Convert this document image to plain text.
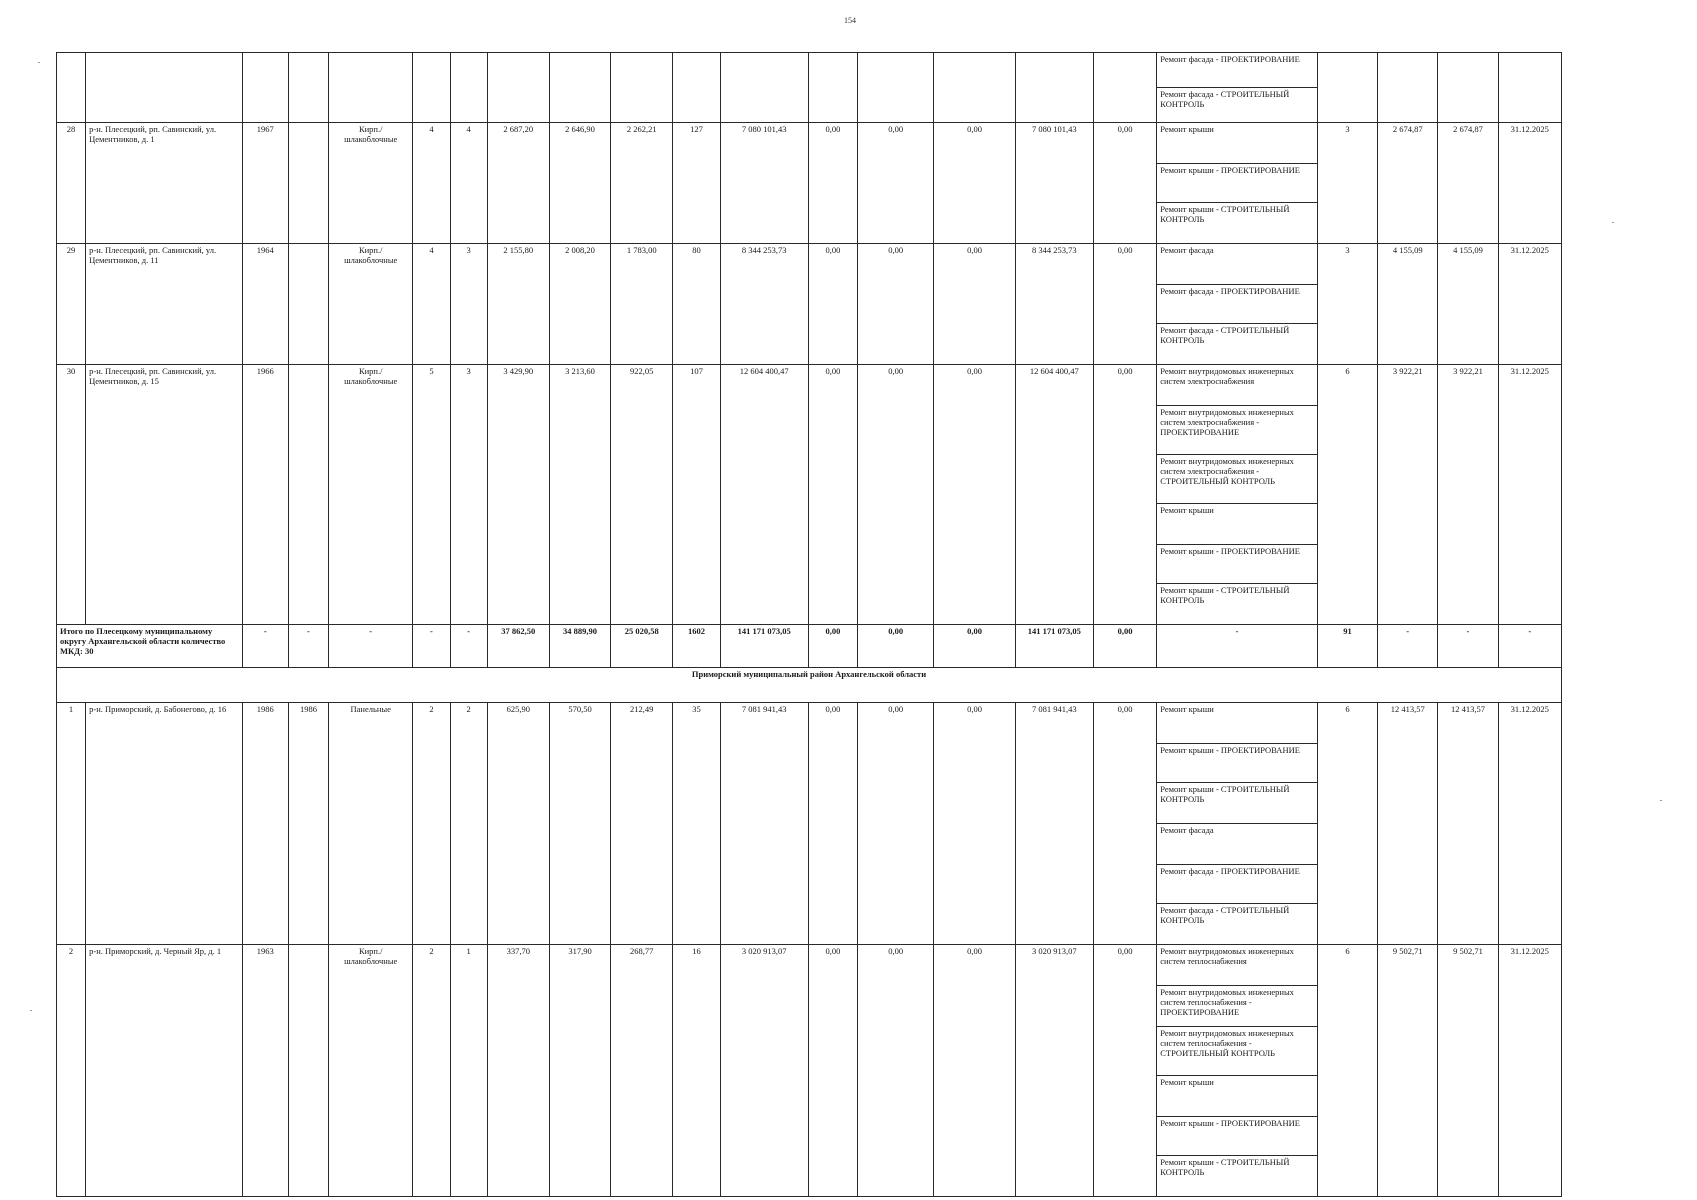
154
																	Ремонт фасада - ПРОЕКТИРОВАНИЕ				
																	Ремонт фасада - СТРОИТЕЛЬНЫЙ КОНТРОЛЬ				
28	р-н. Плесецкий, рп. Савинский, ул. Цементников, д. 1	1967		Кирп./ шлакоблочные	4	4	2 687,20	2 646,90	2 262,21	127	7 080 101,43	0,00	0,00	0,00	7 080 101,43	0,00	Ремонт крыши	3	2 674,87	2 674,87	31.12.2025
																	Ремонт крыши - ПРОЕКТИРОВАНИЕ				
																	Ремонт крыши - СТРОИТЕЛЬНЫЙ КОНТРОЛЬ				
29	р-н. Плесецкий, рп. Савинский, ул. Цементников, д. 11	1964		Кирп./ шлакоблочные	4	3	2 155,80	2 008,20	1 783,00	80	8 344 253,73	0,00	0,00	0,00	8 344 253,73	0,00	Ремонт фасада	3	4 155,09	4 155,09	31.12.2025
																	Ремонт фасада - ПРОЕКТИРОВАНИЕ				
																	Ремонт фасада - СТРОИТЕЛЬНЫЙ КОНТРОЛЬ				
30	р-н. Плесецкий, рп. Савинский, ул. Цементников, д. 15	1966		Кирп./ шлакоблочные	5	3	3 429,90	3 213,60	922,05	107	12 604 400,47	0,00	0,00	0,00	12 604 400,47	0,00	Ремонт внутридомовых инженерных систем электроснабжения	6	3 922,21	3 922,21	31.12.2025
																	Ремонт внутридомовых инженерных систем электроснабжения - ПРОЕКТИРОВАНИЕ				
																	Ремонт внутридомовых инженерных систем электроснабжения - СТРОИТЕЛЬНЫЙ КОНТРОЛЬ				
																	Ремонт крыши				
																	Ремонт крыши - ПРОЕКТИРОВАНИЕ				
																	Ремонт крыши - СТРОИТЕЛЬНЫЙ КОНТРОЛЬ				
Итого по Плесецкому муниципальному округу Архангельской области количество МКД: 30		-	-	-	-	-	37 862,50	34 889,90	25 020,58	1602	141 171 073,05	0,00	0,00	0,00	141 171 073,05	0,00	-	91	-	-	-
Приморский муниципальный район Архангельской области																					
1	р-н. Приморский, д. Бабонегово, д. 16	1986	1986	Панельные	2	2	625,90	570,50	212,49	35	7 081 941,43	0,00	0,00	0,00	7 081 941,43	0,00	Ремонт крыши	6	12 413,57	12 413,57	31.12.2025
																	Ремонт крыши - ПРОЕКТИРОВАНИЕ				
																	Ремонт крыши - СТРОИТЕЛЬНЫЙ КОНТРОЛЬ				
																	Ремонт фасада				
																	Ремонт фасада - ПРОЕКТИРОВАНИЕ				
																	Ремонт фасада - СТРОИТЕЛЬНЫЙ КОНТРОЛЬ				
2	р-н. Приморский, д. Черный Яр, д. 1	1963		Кирп./ шлакоблочные	2	1	337,70	317,90	268,77	16	3 020 913,07	0,00	0,00	0,00	3 020 913,07	0,00	Ремонт внутридомовых инженерных систем теплоснабжения	6	9 502,71	9 502,71	31.12.2025
																	Ремонт внутридомовых инженерных систем теплоснабжения - ПРОЕКТИРОВАНИЕ				
																	Ремонт внутридомовых инженерных систем теплоснабжения - СТРОИТЕЛЬНЫЙ КОНТРОЛЬ				
																	Ремонт крыши				
																	Ремонт крыши - ПРОЕКТИРОВАНИЕ				
																	Ремонт крыши - СТРОИТЕЛЬНЫЙ КОНТРОЛЬ				
